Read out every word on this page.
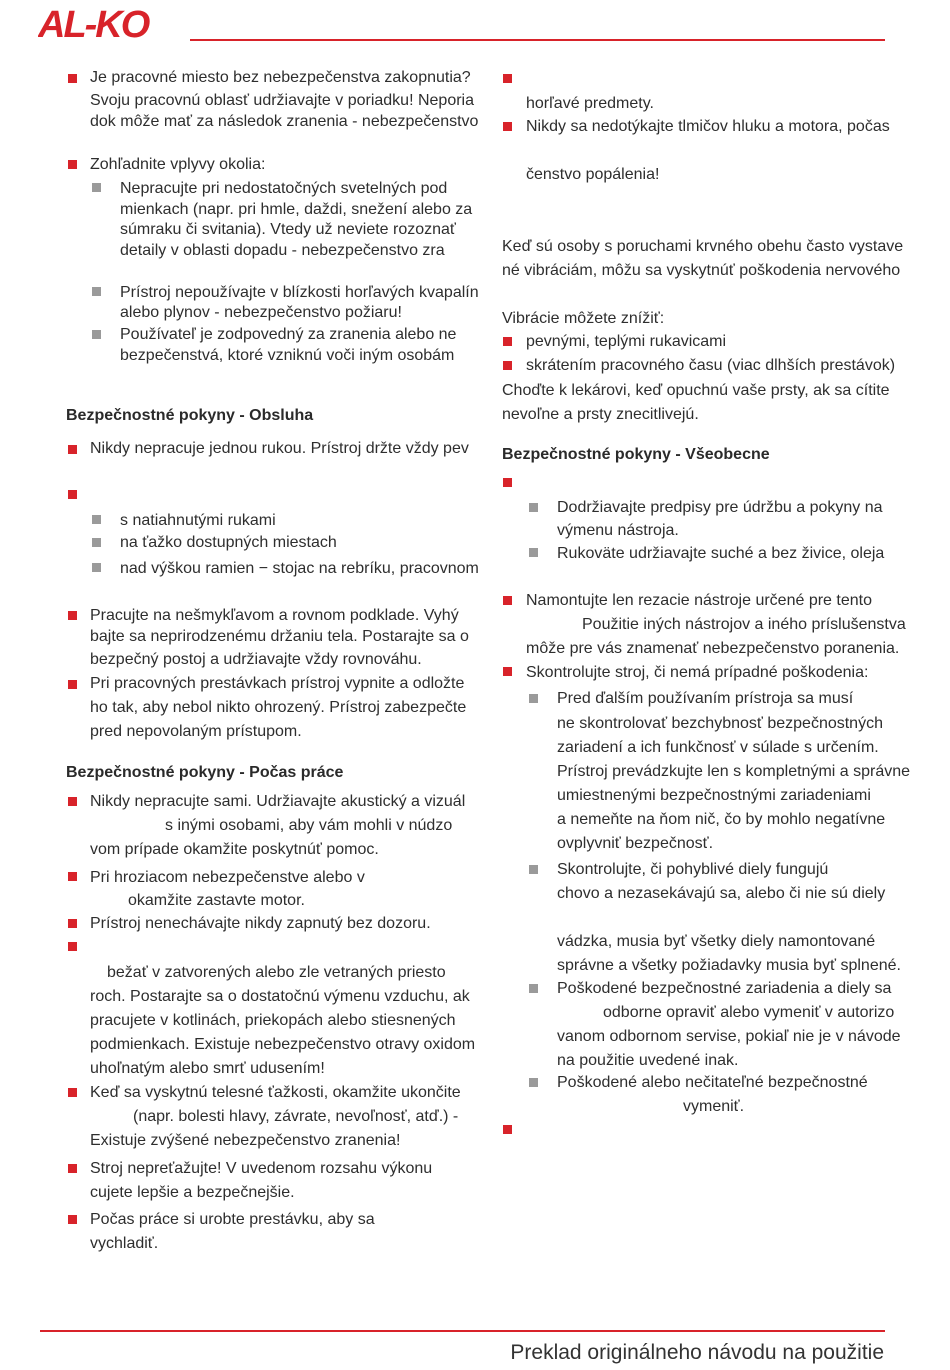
AL-KO
Je pracovné miesto bez nebezpečenstva zakopnutia?
Svoju pracovnú oblasť udržiavajte v poriadku! Neporia
dok môže mať za následok zranenia - nebezpečenstvo
Zohľadnite vplyvy okolia:
Nepracujte pri nedostatočných svetelných pod
mienkach (napr. pri hmle, daždi, snežení alebo za
súmraku či svitania). Vtedy už neviete rozoznať
detaily v oblasti dopadu - nebezpečenstvo zra
Prístroj nepoužívajte v blízkosti horľavých kvapalín
alebo plynov - nebezpečenstvo požiaru!
Používateľ je zodpovedný za zranenia alebo ne
bezpečenstvá, ktoré vzniknú voči iným osobám
Bezpečnostné pokyny - Obsluha
Nikdy nepracuje jednou rukou. Prístroj držte vždy pev
s natiahnutými rukami
na ťažko dostupných miestach
nad výškou ramien − stojac na rebríku, pracovnom
Pracujte na nešmykľavom a rovnom podklade. Vyhý
bajte sa neprirodzenému držaniu tela. Postarajte sa o
bezpečný postoj a udržiavajte vždy rovnováhu.
Pri pracovných prestávkach prístroj vypnite a odložte
ho tak, aby nebol nikto ohrozený. Prístroj zabezpečte
pred nepovolaným prístupom.
Bezpečnostné pokyny - Počas práce
Nikdy nepracujte sami. Udržiavajte akustický a vizuál
s inými osobami, aby vám mohli v núdzo
vom prípade okamžite poskytnúť pomoc.
Pri hroziacom nebezpečenstve alebo v
okamžite zastavte motor.
Prístroj nenechávajte nikdy zapnutý bez dozoru.
bežať v zatvorených alebo zle vetraných priesto
roch. Postarajte sa o dostatočnú výmenu vzduchu, ak
pracujete v kotlinách, priekopách alebo stiesnených
podmienkach. Existuje nebezpečenstvo otravy oxidom
uhoľnatým alebo smrť udusením!
Keď sa vyskytnú telesné ťažkosti, okamžite ukončite
(napr. bolesti hlavy, závrate, nevoľnosť, atď.) -
Existuje zvýšené nebezpečenstvo zranenia!
Stroj nepreťažujte! V uvedenom rozsahu výkonu
cujete lepšie a bezpečnejšie.
Počas práce si urobte prestávku, aby sa
vychladiť.
horľavé predmety.
Nikdy sa nedotýkajte tlmičov hluku a motora, počas
čenstvo popálenia!
Keď sú osoby s poruchami krvného obehu často vystave
né vibráciám, môžu sa vyskytnúť poškodenia nervového
Vibrácie môžete znížiť:
pevnými, teplými rukavicami
skrátením pracovného času (viac dlhších prestávok)
Choďte k lekárovi, keď opuchnú vaše prsty, ak sa cítite
nevoľne a prsty znecitlivejú.
Bezpečnostné pokyny - Všeobecne
Dodržiavajte predpisy pre údržbu a pokyny na
výmenu nástroja.
Rukoväte udržiavajte suché a bez živice, oleja
Namontujte len rezacie nástroje určené pre tento
Použitie iných nástrojov a iného príslušenstva
môže pre vás znamenať nebezpečenstvo poranenia.
Skontrolujte stroj, či nemá prípadné poškodenia:
Pred ďalším používaním prístroja sa musí
ne skontrolovať bezchybnosť bezpečnostných
zariadení a ich funkčnosť v súlade s určením.
Prístroj prevádzkujte len s kompletnými a správne
umiestnenými bezpečnostnými zariadeniami
a nemeňte na ňom nič, čo by mohlo negatívne
ovplyvniť bezpečnosť.
Skontrolujte, či pohyblivé diely fungujú
chovo a nezasekávajú sa, alebo či nie sú diely
vádzka, musia byť všetky diely namontované
správne a všetky požiadavky musia byť splnené.
Poškodené bezpečnostné zariadenia a diely sa
odborne opraviť alebo vymeniť v autorizo
vanom odbornom servise, pokiaľ nie je v návode
na použitie uvedené inak.
Poškodené alebo nečitateľné bezpečnostné
vymeniť.
Preklad originálneho návodu na použitie
